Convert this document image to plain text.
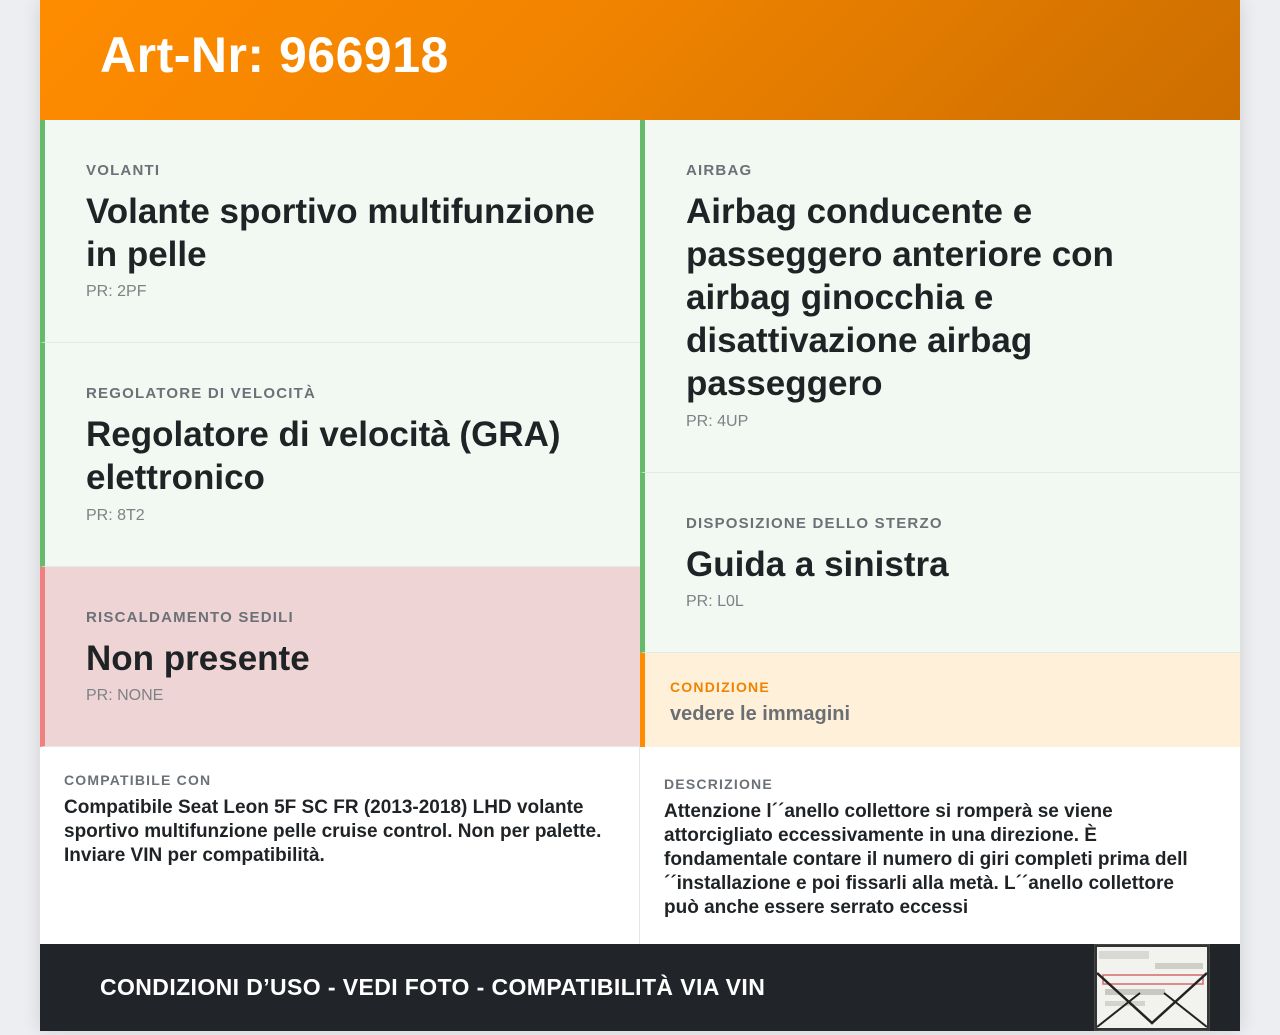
Art-Nr: 966918
VOLANTI
Volante sportivo multifunzione in pelle
PR: 2PF
REGOLATORE DI VELOCITÀ
Regolatore di velocità (GRA) elettronico
PR: 8T2
RISCALDAMENTO SEDILI
Non presente
PR: NONE
AIRBAG
Airbag conducente e passeggero anteriore con airbag ginocchia e disattivazione airbag passeggero
PR: 4UP
DISPOSIZIONE DELLO STERZO
Guida a sinistra
PR: L0L
CONDIZIONE
vedere le immagini
COMPATIBILE CON
Compatibile Seat Leon 5F SC FR (2013-2018) LHD volante sportivo multifunzione pelle cruise control. Non per palette. Inviare VIN per compatibilità.
DESCRIZIONE
Attenzione l´´anello collettore si romperà se viene attorcigliato eccessivamente in una direzione. È fondamentale contare il numero di giri completi prima dell´´installazione e poi fissarli alla metà. L´´anello collettore può anche essere serrato eccessi
CONDIZIONI D’USO - VEDI FOTO - COMPATIBILITÀ VIA VIN
